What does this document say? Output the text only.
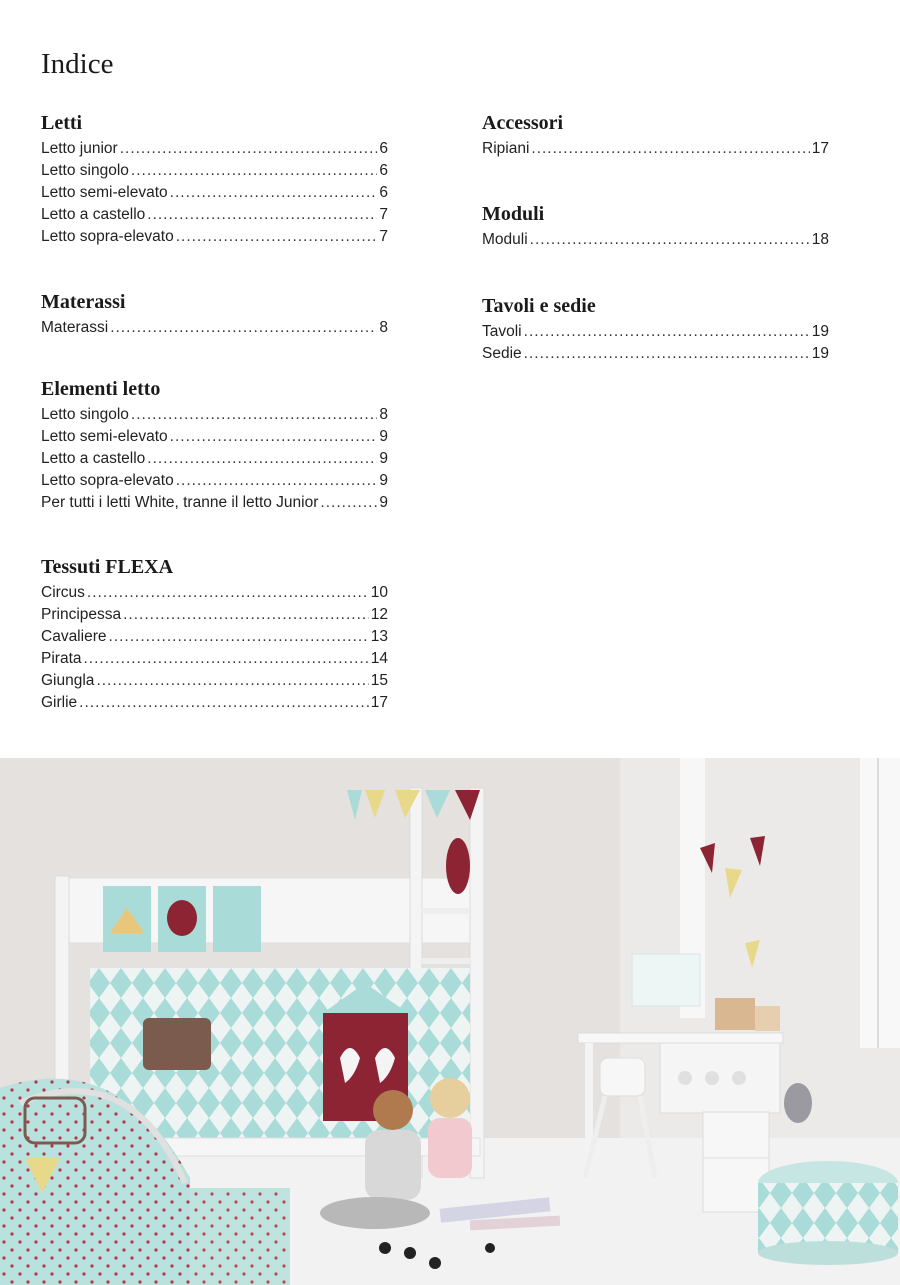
Indice
Letti
Letto junior .....	6
Letto singolo .....	6
Letto semi-elevato .....	6
Letto a castello .....	7
Letto sopra-elevato .....	7
Materassi
Materassi .....	8
Elementi letto
Letto singolo .....	8
Letto semi-elevato .....	9
Letto a castello .....	9
Letto sopra-elevato .....	9
Per tutti i letti White, tranne il letto Junior .....	9
Tessuti FLEXA
Circus .....	10
Principessa .....	12
Cavaliere .....	13
Pirata .....	14
Giungla .....	15
Girlie .....	17
Accessori
Ripiani .....	17
Moduli
Moduli .....	18
Tavoli e sedie
Tavoli .....	19
Sedie .....	19
